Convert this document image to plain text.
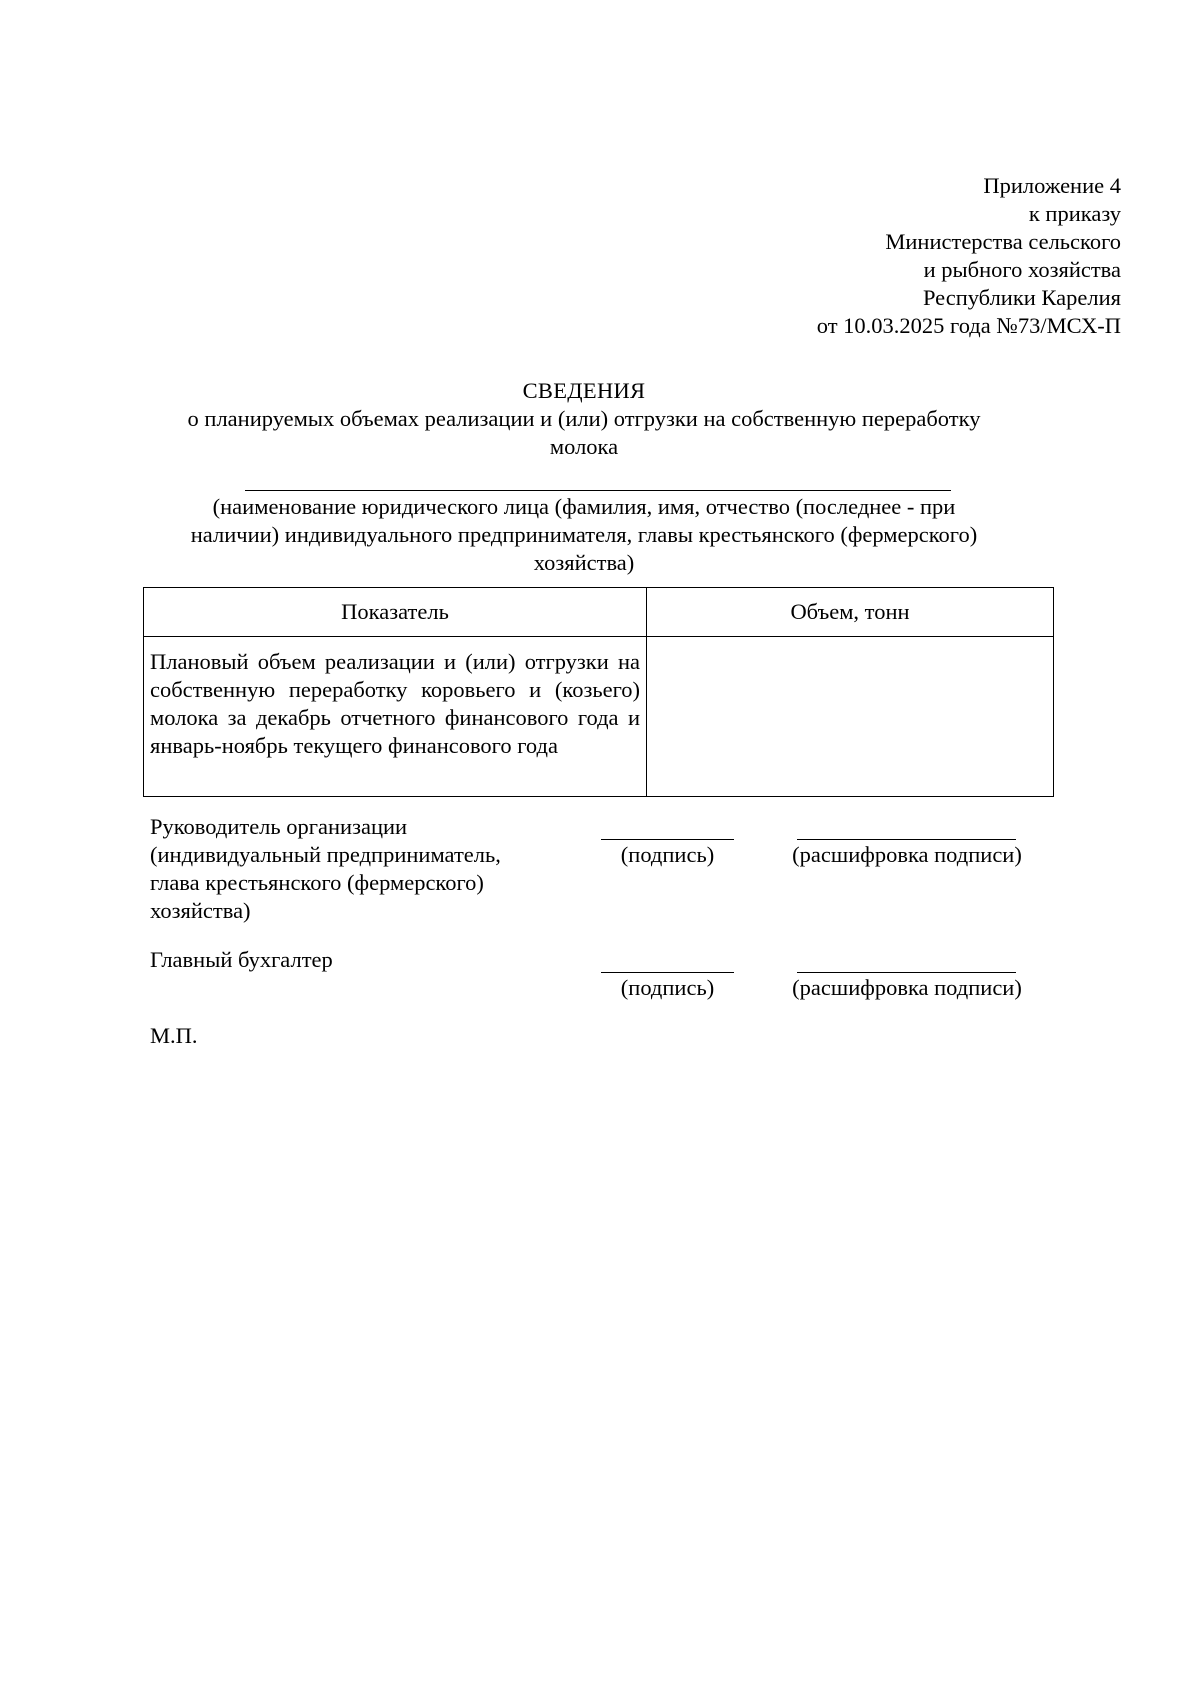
Приложение 4
к приказу
Министерства сельского
и рыбного хозяйства
Республики Карелия
от 10.03.2025 года №73/МСХ-П
СВЕДЕНИЯ
о планируемых объемах реализации и (или) отгрузки на собственную переработку
молока
(наименование юридического лица (фамилия, имя, отчество (последнее - при
наличии) индивидуального предпринимателя, главы крестьянского (фермерского)
хозяйства)
Показатель	Объем, тонн
Плановый объем реализации и (или) отгрузки на собственную переработку коровьего и (козьего) молока за декабрь отчетного финансового года и январь-ноябрь текущего финансового года	
Руководитель организации
(индивидуальный предприниматель,
глава крестьянского (фермерского)
хозяйства)
(подпись)	(расшифровка подписи)
Главный бухгалтер
(подпись)	(расшифровка подписи)
М.П.
